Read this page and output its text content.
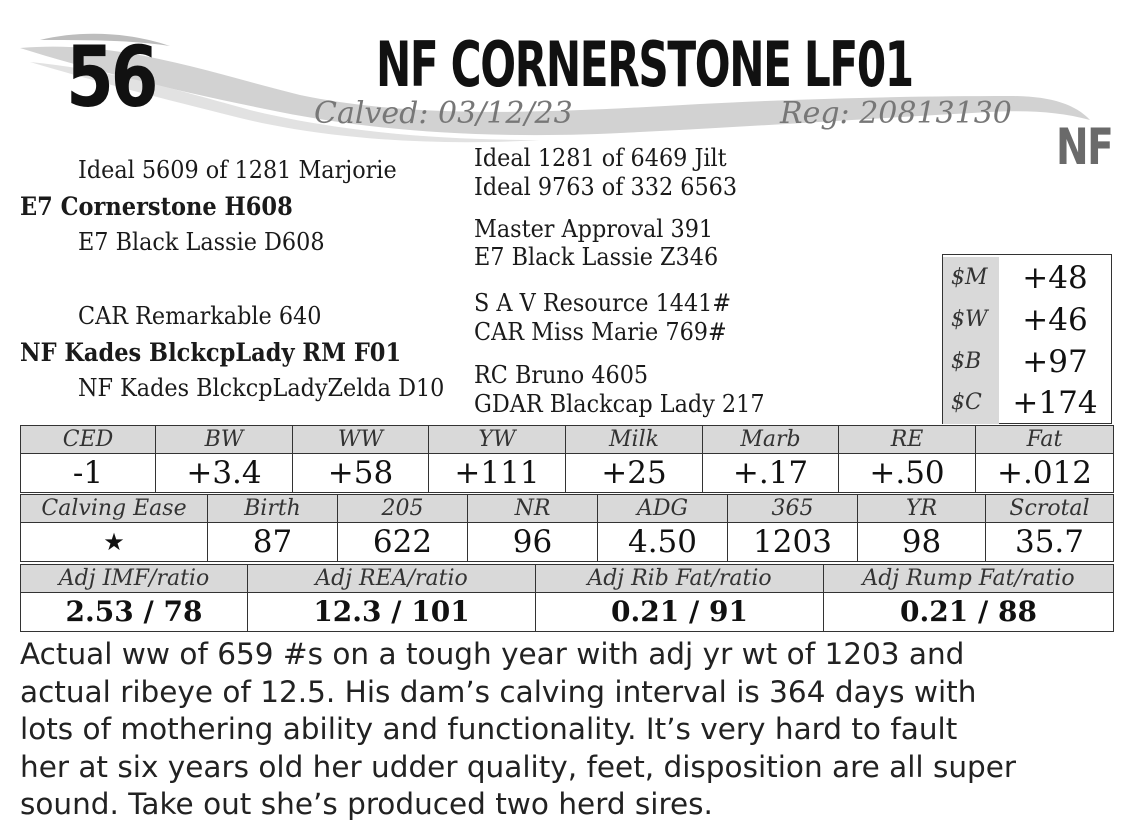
56	NF CORNERSTONE LF01
Calved: 03/12/23	Reg: 20813130
NF
Ideal 5609 of 1281 Marjorie
E7 Cornerstone H608
E7 Black Lassie D608
CAR Remarkable 640
NF Kades BlckcpLady RM F01
NF Kades BlckcpLadyZelda D10
Ideal 1281 of 6469 Jilt
Ideal 9763 of 332 6563
Master Approval 391
E7 Black Lassie Z346
S A V Resource 1441#
CAR Miss Marie 769#
RC Bruno 4605
GDAR Blackcap Lady 217
$M	+48
$W	+46
$B	+97
$C +174
CED	BW	WW	YW	Milk	Marb	RE	Fat
-1	+3.4	+58	+111	+25	+.17	+.50	+.012
Calving Ease	Birth	205	NR	ADG	365	YR	Scrotal
★	87	622	96	4.50	1203	98	35.7
Adj IMF/ratio	Adj REA/ratio	Adj Rib Fat/ratio	Adj Rump Fat/ratio
2.53 / 78	12.3 / 101	0.21 / 91	0.21 / 88
Actual ww of 659 #s on a tough year with adj yr wt of 1203 and
actual ribeye of 12.5. His dam’s calving interval is 364 days with
lots of mothering ability and functionality. It’s very hard to fault
her at six years old her udder quality, feet, disposition are all super
sound. Take out she’s produced two herd sires.
